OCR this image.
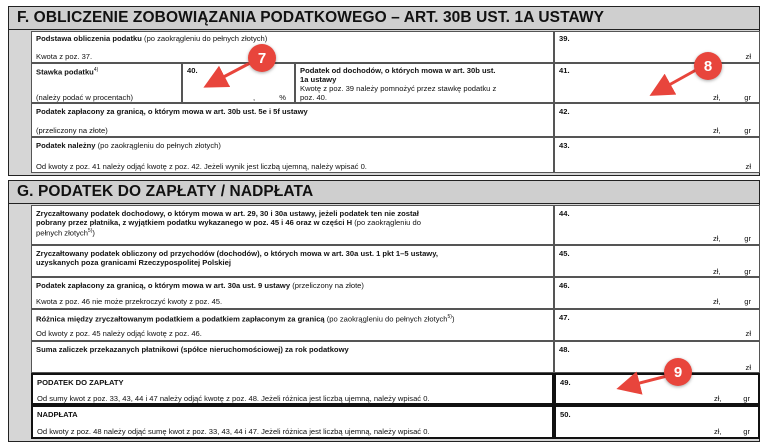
F. OBLICZENIE ZOBOWIĄZANIA PODATKOWEGO – ART. 30B UST. 1A USTAWY
Podstawa obliczenia podatku (po zaokrągleniu do pełnych złotych)
Kwota z poz. 37.
39.
zł
Stawka podatku$^{4)}$
(należy podać w procentach)
40.
,	%
Podatek od dochodów, o których mowa w art. 30b ust.
1a ustawy
Kwotę z poz. 39 należy pomnożyć przez stawkę podatku z
poz. 40.
41.
zł,	gr
Podatek zapłacony za granicą, o którym mowa w art. 30b ust. 5e i 5f ustawy
(przeliczony na złote)
42.
zł,	gr
Podatek należny (po zaokrągleniu do pełnych złotych)
Od kwoty z poz. 41 należy odjąć kwotę z poz. 42. Jeżeli wynik jest liczbą ujemną, należy wpisać 0.
43.
zł
G. PODATEK DO ZAPŁATY / NADPŁATA
Zryczałtowany podatek dochodowy, o którym mowa w art. 29, 30 i 30a ustawy, jeżeli podatek ten nie został
pobrany przez płatnika, z wyjątkiem podatku wykazanego w poz. 45 i 46 oraz w części H (po zaokrągleniu do
pełnych złotych$^{5)}$)
44.
zł,	gr
Zryczałtowany podatek obliczony od przychodów (dochodów), o których mowa w art. 30a ust. 1 pkt 1–5 ustawy,
uzyskanych poza granicami Rzeczypospolitej Polskiej
45.
zł,	gr
Podatek zapłacony za granicą, o którym mowa w art. 30a ust. 9 ustawy (przeliczony na złote)
Kwota z poz. 46 nie może przekroczyć kwoty z poz. 45.
46.
zł,	gr
Różnica między zryczałtowanym podatkiem a podatkiem zapłaconym za granicą (po zaokrągleniu do pełnych złotych$^{5)}$)
Od kwoty z poz. 45 należy odjąć kwotę z poz. 46.
47.
zł
Suma zaliczek przekazanych płatnikowi (spółce nieruchomościowej) za rok podatkowy	48.
zł
PODATEK DO ZAPŁATY
Od sumy kwot z poz. 33, 43, 44 i 47 należy odjąć kwotę z poz. 48. Jeżeli różnica jest liczbą ujemną, należy wpisać 0.
49.
zł,	gr
NADPŁATA
Od kwoty z poz. 48 należy odjąć sumę kwot z poz. 33, 43, 44 i 47. Jeżeli różnica jest liczbą ujemną, należy wpisać 0.
50.
zł,	gr
7	8
9
